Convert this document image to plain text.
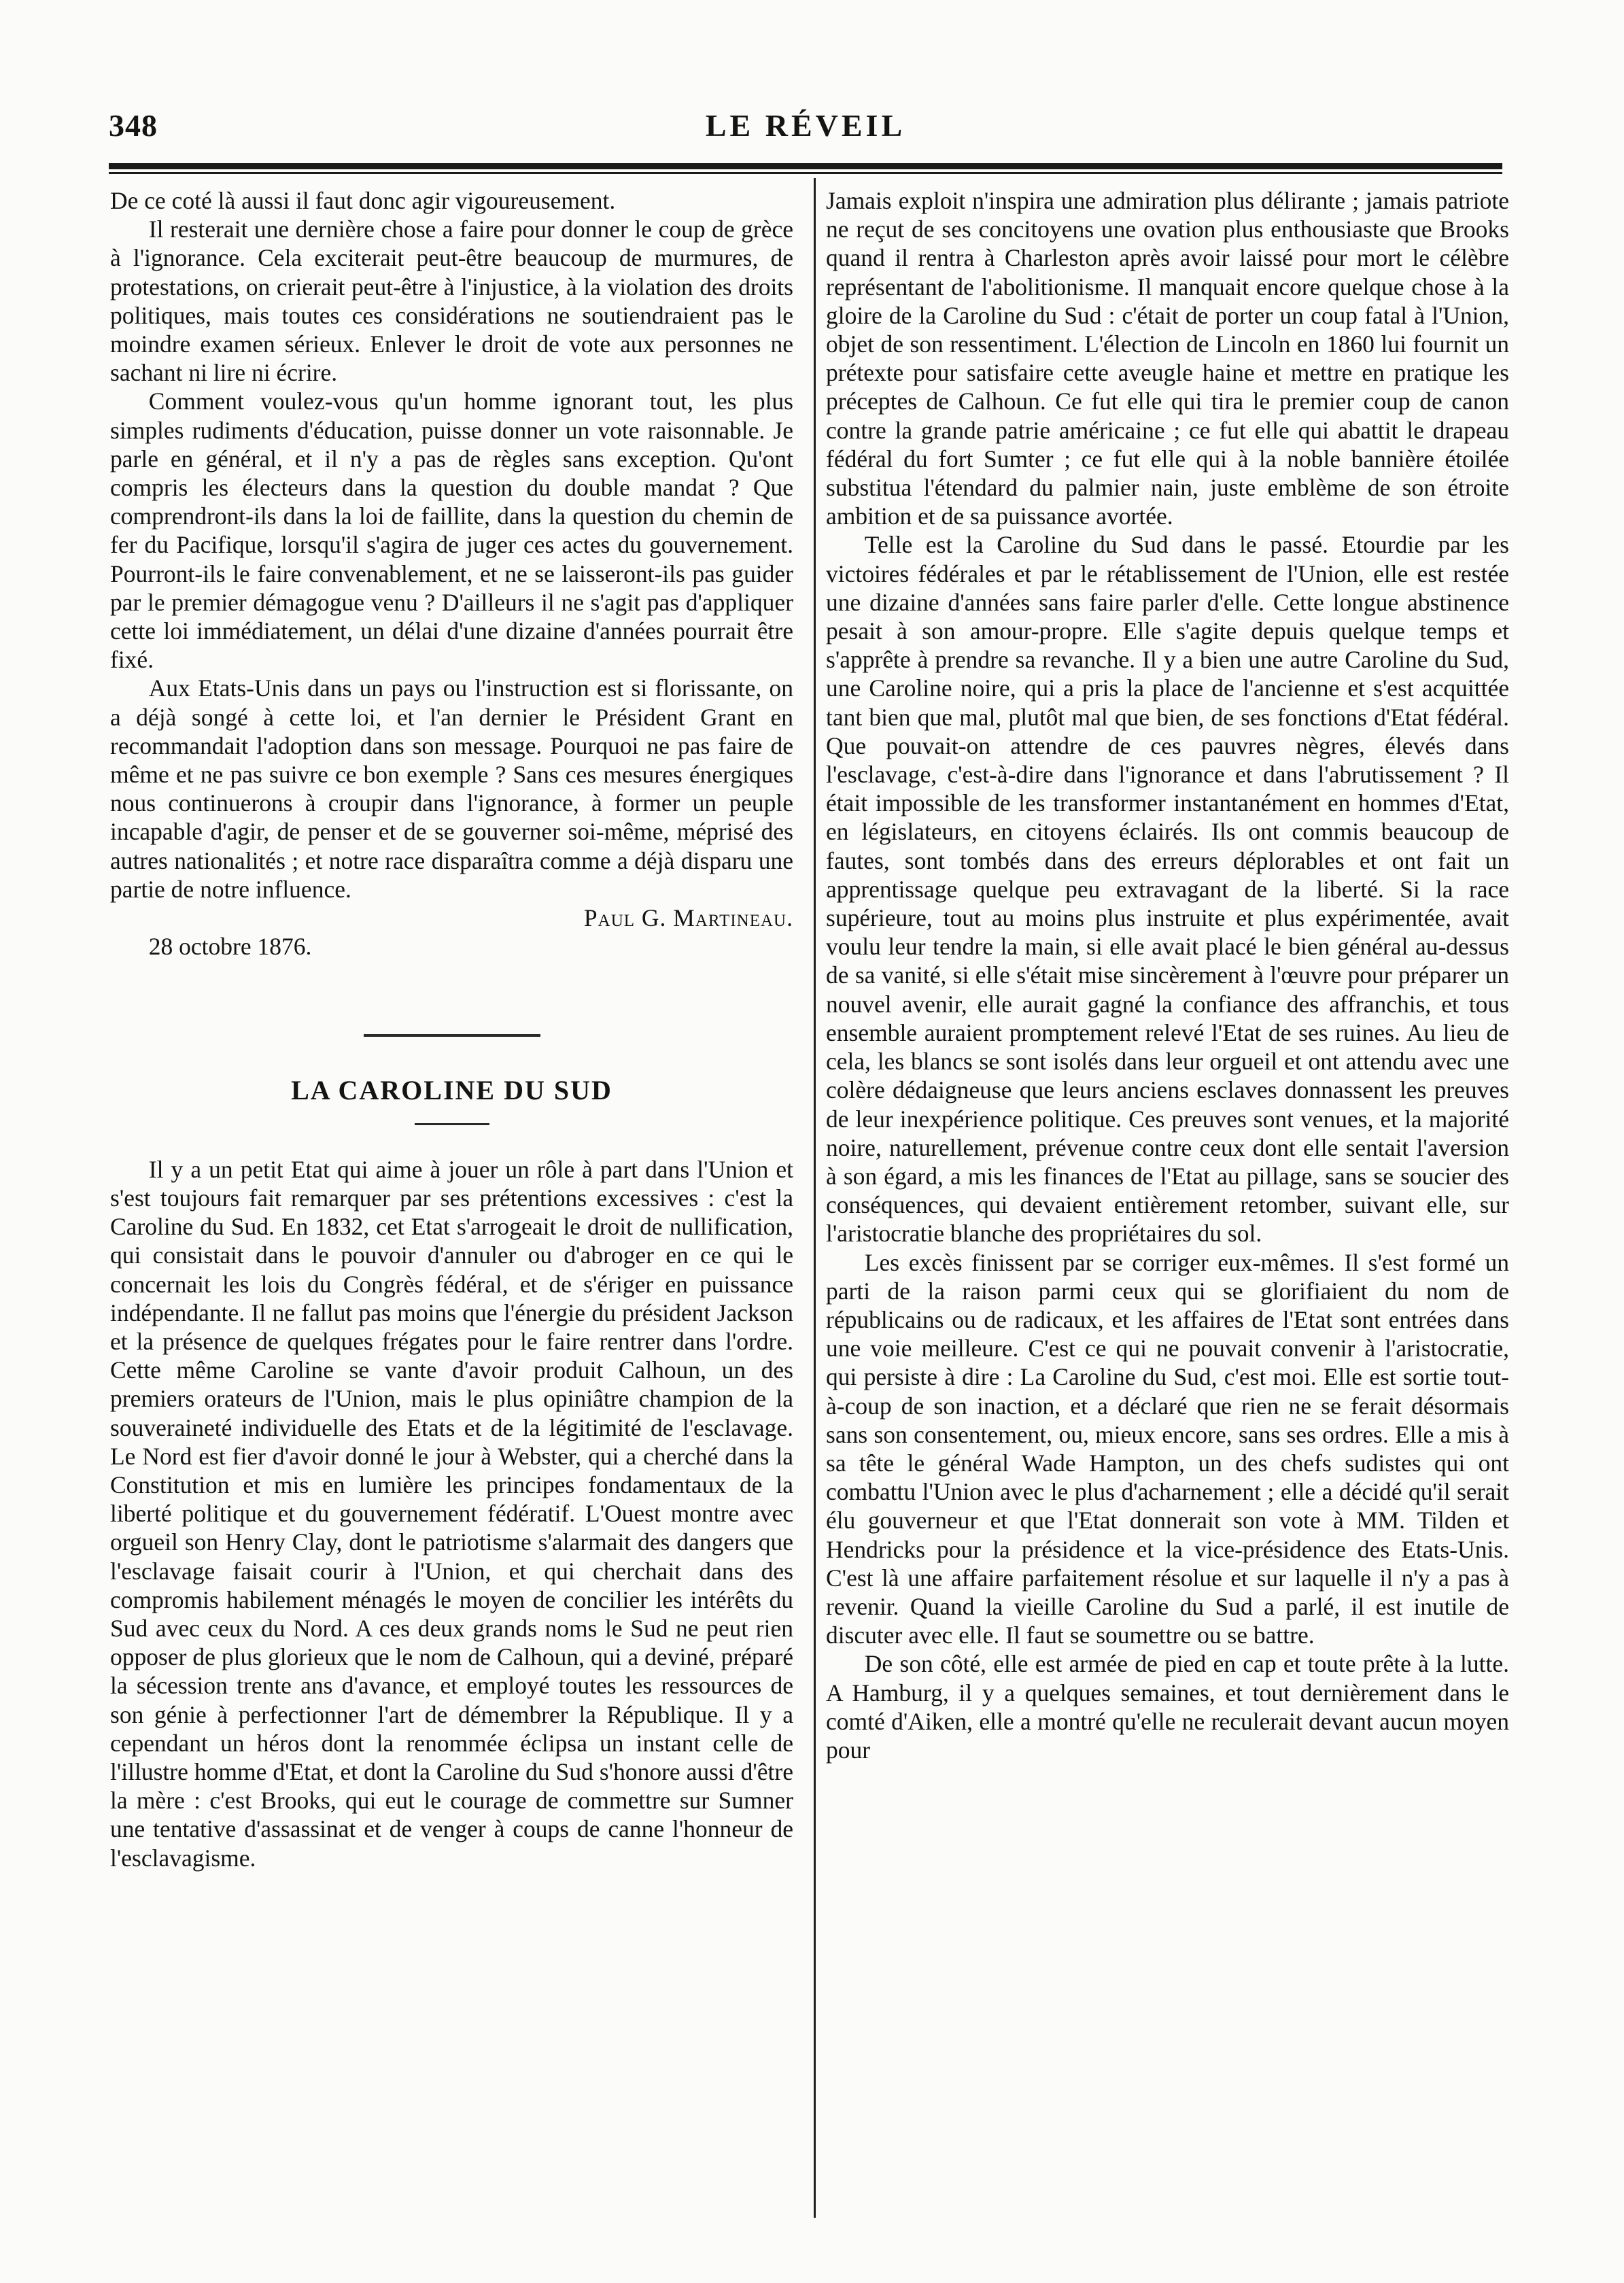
348	LE RÉVEIL

De ce coté là aussi il faut donc agir vigoureusement.

Il resterait une dernière chose a faire pour donner le coup de grèce à l'ignorance. Cela exciterait peut-être beaucoup de murmures, de protestations, on crierait peut-être à l'injustice, à la violation des droits politiques, mais toutes ces considérations ne soutiendraient pas le moindre examen sérieux. Enlever le droit de vote aux personnes ne sachant ni lire ni écrire.

Comment voulez-vous qu'un homme ignorant tout, les plus simples rudiments d'éducation, puisse donner un vote raisonnable. Je parle en général, et il n'y a pas de règles sans exception. Qu'ont compris les électeurs dans la question du double mandat ? Que comprendront-ils dans la loi de faillite, dans la question du chemin de fer du Pacifique, lorsqu'il s'agira de juger ces actes du gouvernement. Pourront-ils le faire convenablement, et ne se laisseront-ils pas guider par le premier démagogue venu ? D'ailleurs il ne s'agit pas d'appliquer cette loi immédiatement, un délai d'une dizaine d'années pourrait être fixé.

Aux Etats-Unis dans un pays ou l'instruction est si florissante, on a déjà songé à cette loi, et l'an dernier le Président Grant en recommandait l'adoption dans son message. Pourquoi ne pas faire de même et ne pas suivre ce bon exemple ? Sans ces mesures énergiques nous continuerons à croupir dans l'ignorance, à former un peuple incapable d'agir, de penser et de se gouverner soi-même, méprisé des autres nationalités ; et notre race disparaîtra comme a déjà disparu une partie de notre influence.

Paul G. Martineau.

28 octobre 1876.

LA CAROLINE DU SUD

Il y a un petit Etat qui aime à jouer un rôle à part dans l'Union et s'est toujours fait remarquer par ses prétentions excessives : c'est la Caroline du Sud. En 1832, cet Etat s'arrogeait le droit de nullification, qui consistait dans le pouvoir d'annuler ou d'abroger en ce qui le concernait les lois du Congrès fédéral, et de s'ériger en puissance indépendante. Il ne fallut pas moins que l'énergie du président Jackson et la présence de quelques frégates pour le faire rentrer dans l'ordre. Cette même Caroline se vante d'avoir produit Calhoun, un des premiers orateurs de l'Union, mais le plus opiniâtre champion de la souveraineté individuelle des Etats et de la légitimité de l'esclavage. Le Nord est fier d'avoir donné le jour à Webster, qui a cherché dans la Constitution et mis en lumière les principes fondamentaux de la liberté politique et du gouvernement fédératif. L'Ouest montre avec orgueil son Henry Clay, dont le patriotisme s'alarmait des dangers que l'esclavage faisait courir à l'Union, et qui cherchait dans des compromis habilement ménagés le moyen de concilier les intérêts du Sud avec ceux du Nord. A ces deux grands noms le Sud ne peut rien opposer de plus glorieux que le nom de Calhoun, qui a deviné, préparé la sécession trente ans d'avance, et employé toutes les ressources de son génie à perfectionner l'art de démembrer la République. Il y a cependant un héros dont la renommée éclipsa un instant celle de l'illustre homme d'Etat, et dont la Caroline du Sud s'honore aussi d'être la mère : c'est Brooks, qui eut le courage de commettre sur Sumner une tentative d'assassinat et de venger à coups de canne l'honneur de l'esclavagisme.

Jamais exploit n'inspira une admiration plus délirante ; jamais patriote ne reçut de ses concitoyens une ovation plus enthousiaste que Brooks quand il rentra à Charleston après avoir laissé pour mort le célèbre représentant de l'abolitionisme. Il manquait encore quelque chose à la gloire de la Caroline du Sud : c'était de porter un coup fatal à l'Union, objet de son ressentiment. L'élection de Lincoln en 1860 lui fournit un prétexte pour satisfaire cette aveugle haine et mettre en pratique les préceptes de Calhoun. Ce fut elle qui tira le premier coup de canon contre la grande patrie américaine ; ce fut elle qui abattit le drapeau fédéral du fort Sumter ; ce fut elle qui à la noble bannière étoilée substitua l'étendard du palmier nain, juste emblème de son étroite ambition et de sa puissance avortée.

Telle est la Caroline du Sud dans le passé. Etourdie par les victoires fédérales et par le rétablissement de l'Union, elle est restée une dizaine d'années sans faire parler d'elle. Cette longue abstinence pesait à son amour-propre. Elle s'agite depuis quelque temps et s'apprête à prendre sa revanche. Il y a bien une autre Caroline du Sud, une Caroline noire, qui a pris la place de l'ancienne et s'est acquittée tant bien que mal, plutôt mal que bien, de ses fonctions d'Etat fédéral. Que pouvait-on attendre de ces pauvres nègres, élevés dans l'esclavage, c'est-à-dire dans l'ignorance et dans l'abrutissement ? Il était impossible de les transformer instantanément en hommes d'Etat, en législateurs, en citoyens éclairés. Ils ont commis beaucoup de fautes, sont tombés dans des erreurs déplorables et ont fait un apprentissage quelque peu extravagant de la liberté. Si la race supérieure, tout au moins plus instruite et plus expérimentée, avait voulu leur tendre la main, si elle avait placé le bien général au-dessus de sa vanité, si elle s'était mise sincèrement à l'œuvre pour préparer un nouvel avenir, elle aurait gagné la confiance des affranchis, et tous ensemble auraient promptement relevé l'Etat de ses ruines. Au lieu de cela, les blancs se sont isolés dans leur orgueil et ont attendu avec une colère dédaigneuse que leurs anciens esclaves donnassent les preuves de leur inexpérience politique. Ces preuves sont venues, et la majorité noire, naturellement, prévenue contre ceux dont elle sentait l'aversion à son égard, a mis les finances de l'Etat au pillage, sans se soucier des conséquences, qui devaient entièrement retomber, suivant elle, sur l'aristocratie blanche des propriétaires du sol.

Les excès finissent par se corriger eux-mêmes. Il s'est formé un parti de la raison parmi ceux qui se glorifiaient du nom de républicains ou de radicaux, et les affaires de l'Etat sont entrées dans une voie meilleure. C'est ce qui ne pouvait convenir à l'aristocratie, qui persiste à dire : La Caroline du Sud, c'est moi. Elle est sortie tout-à-coup de son inaction, et a déclaré que rien ne se ferait désormais sans son consentement, ou, mieux encore, sans ses ordres. Elle a mis à sa tête le général Wade Hampton, un des chefs sudistes qui ont combattu l'Union avec le plus d'acharnement ; elle a décidé qu'il serait élu gouverneur et que l'Etat donnerait son vote à MM. Tilden et Hendricks pour la présidence et la vice-présidence des Etats-Unis. C'est là une affaire parfaitement résolue et sur laquelle il n'y a pas à revenir. Quand la vieille Caroline du Sud a parlé, il est inutile de discuter avec elle. Il faut se soumettre ou se battre.

De son côté, elle est armée de pied en cap et toute prête à la lutte. A Hamburg, il y a quelques semaines, et tout dernièrement dans le comté d'Aiken, elle a montré qu'elle ne reculerait devant aucun moyen pour
